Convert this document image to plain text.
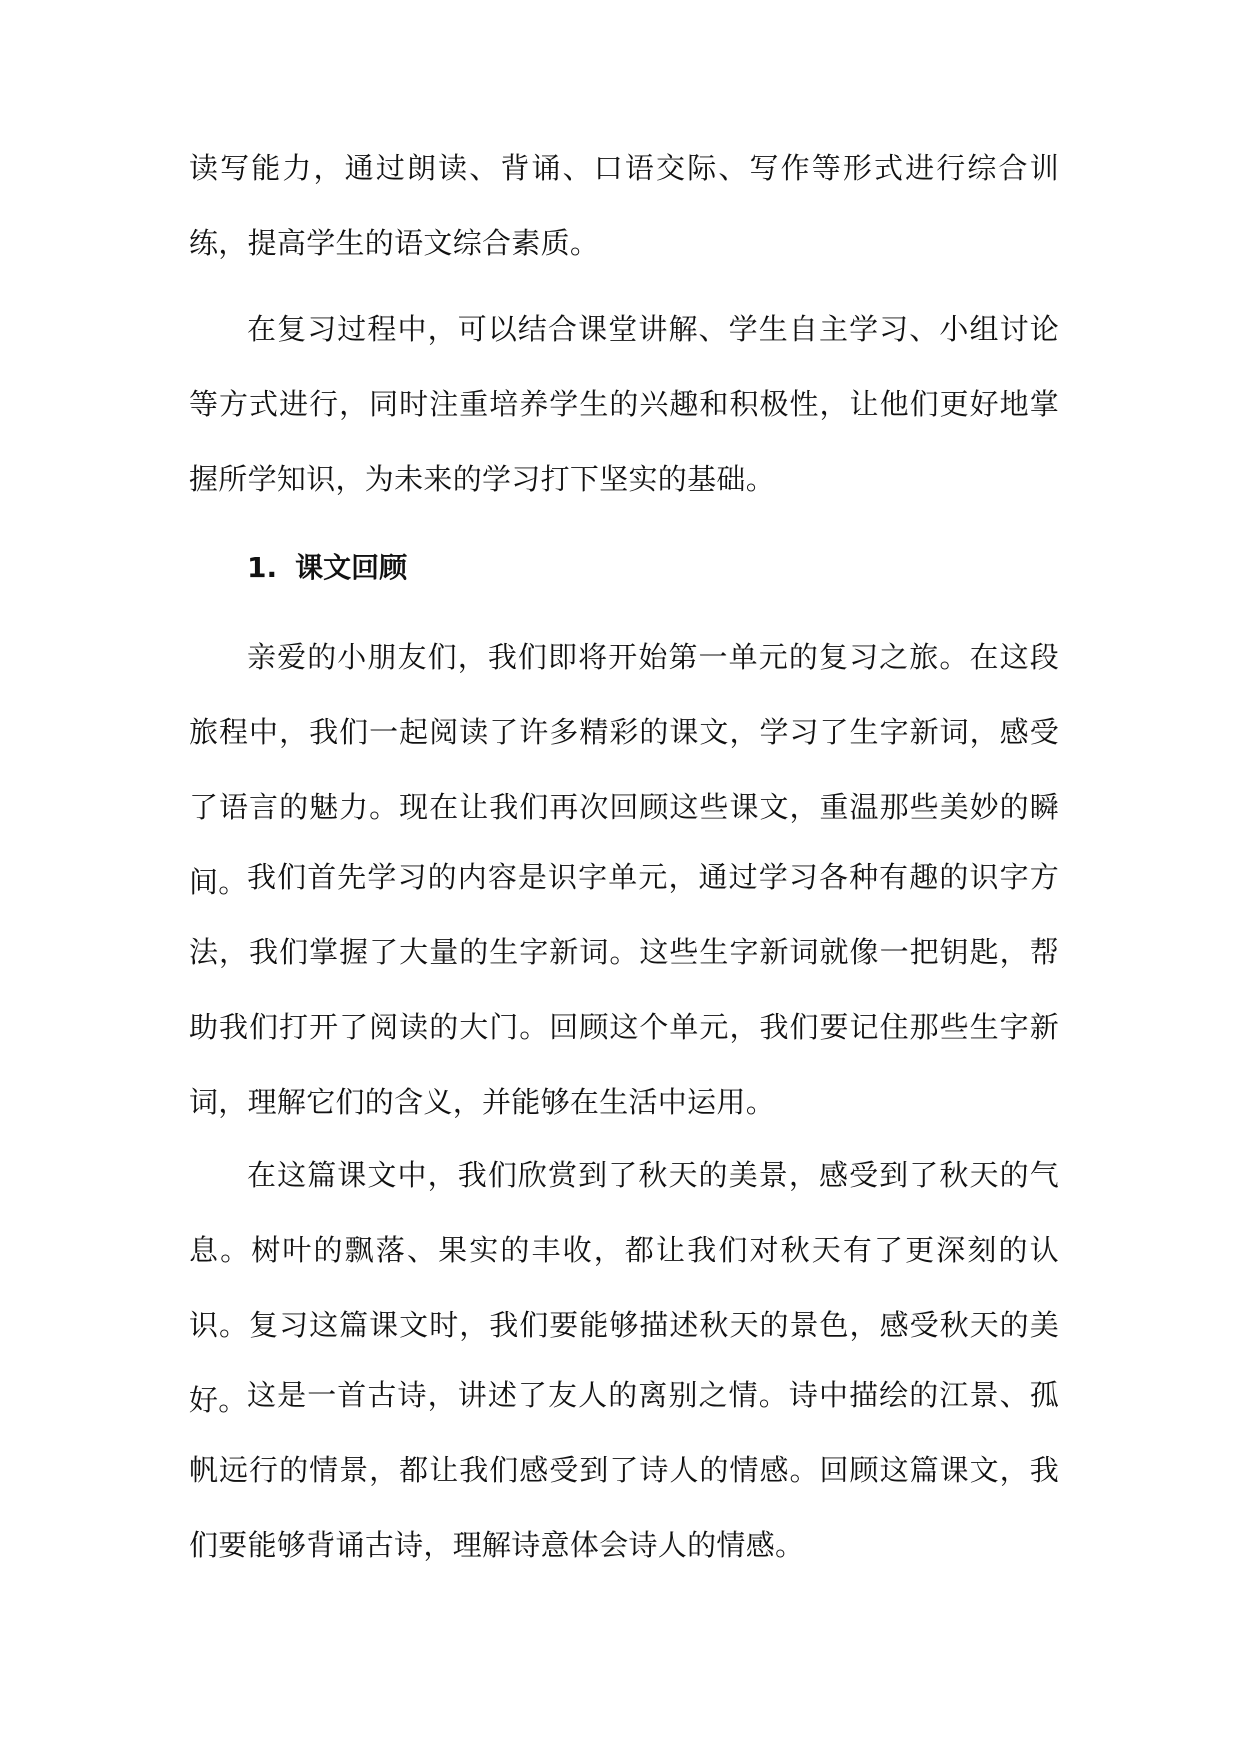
读写能力，通过朗读、背诵、口语交际、写作等形式进行综合训练，提高学生的语文综合素质。

在复习过程中，可以结合课堂讲解、学生自主学习、小组讨论等方式进行，同时注重培养学生的兴趣和积极性，让他们更好地掌握所学知识，为未来的学习打下坚实的基础。

1. 课文回顾

亲爱的小朋友们，我们即将开始第一单元的复习之旅。在这段旅程中，我们一起阅读了许多精彩的课文，学习了生字新词，感受了语言的魅力。现在让我们再次回顾这些课文，重温那些美妙的瞬间。 我们首先学习的内容是识字单元，通过学习各种有趣的识字方法，我们掌握了大量的生字新词。这些生字新词就像一把钥匙，帮助我们打开了阅读的大门。回顾这个单元，我们要记住那些生字新词，理解它们的含义，并能够在生活中运用。

在这篇课文中，我们欣赏到了秋天的美景，感受到了秋天的气息。树叶的飘落、果实的丰收，都让我们对秋天有了更深刻的认识。复习这篇课文时，我们要能够描述秋天的景色，感受秋天的美好。 这是一首古诗，讲述了友人的离别之情。诗中描绘的江景、孤帆远行的情景，都让我们感受到了诗人的情感。回顾这篇课文，我们要能够背诵古诗，理解诗意体会诗人的情感。
